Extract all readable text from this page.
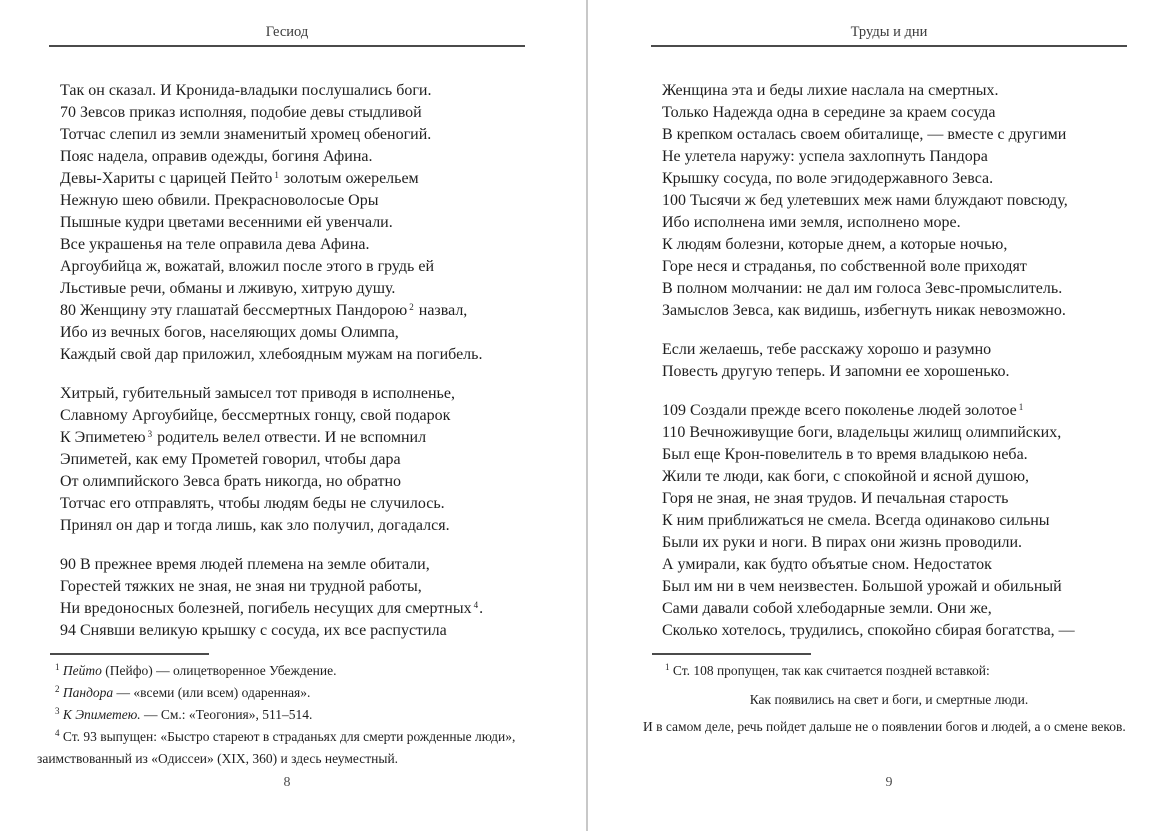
Гесиод
Так он сказал. И Кронида-владыки послушались боги.
70 Зевсов приказ исполняя, подобие девы стыдливой
Тотчас слепил из земли знаменитый хромец обеногий.
Пояс надела, оправив одежды, богиня Афина.
Девы-Хариты с царицей Пейто $^1$ золотым ожерельем
Нежную шею обвили. Прекрасноволосые Оры
Пышные кудри цветами весенними ей увенчали.
Все украшенья на теле оправила дева Афина.
Аргоубийца ж, вожатай, вложил после этого в грудь ей
Льстивые речи, обманы и лживую, хитрую душу.
80 Женщину эту глашатай бессмертных Пандорою $^2$ назвал,
Ибо из вечных богов, населяющих домы Олимпа,
Каждый свой дар приложил, хлебоядным мужам на погибель.
Хитрый, губительный замысел тот приводя в исполненье,
Славному Аргоубийце, бессмертных гонцу, свой подарок
К Эпиметею $^3$ родитель велел отвести. И не вспомнил
Эпиметей, как ему Прометей говорил, чтобы дара
От олимпийского Зевса брать никогда, но обратно
Тотчас его отправлять, чтобы людям беды не случилось.
Принял он дар и тогда лишь, как зло получил, догадался.
90 В прежнее время людей племена на земле обитали,
Горестей тяжких не зная, не зная ни трудной работы,
Ни вредоносных болезней, погибель несущих для смертных $^4$.
94 Снявши великую крышку с сосуда, их все распустила
$^1$ Пейто (Пейфо) — олицетворенное Убеждение.
$^2$ Пандора — «всеми (или всем) одаренная».
$^3$ К Эпиметею. — См.: «Теогония», 511–514.
$^4$ Ст. 93 выпущен: «Быстро стареют в страданьях для смерти рожденные люди», заимствованный из «Одиссеи» (XIX, 360) и здесь неуместный.
8
Труды и дни
Женщина эта и беды лихие наслала на смертных.
Только Надежда одна в середине за краем сосуда
В крепком осталась своем обиталище, — вместе с другими
Не улетела наружу: успела захлопнуть Пандора
Крышку сосуда, по воле эгидодержавного Зевса.
100 Тысячи ж бед улетевших меж нами блуждают повсюду,
Ибо исполнена ими земля, исполнено море.
К людям болезни, которые днем, а которые ночью,
Горе неся и страданья, по собственной воле приходят
В полном молчании: не дал им голоса Зевс-промыслитель.
Замыслов Зевса, как видишь, избегнуть никак невозможно.
Если желаешь, тебе расскажу хорошо и разумно
Повесть другую теперь. И запомни ее хорошенько.
109 Создали прежде всего поколенье людей золотое $^1$
110 Вечноживущие боги, владельцы жилищ олимпийских,
Был еще Крон-повелитель в то время владыкою неба.
Жили те люди, как боги, с спокойной и ясной душою,
Горя не зная, не зная трудов. И печальная старость
К ним приближаться не смела. Всегда одинаково сильны
Были их руки и ноги. В пирах они жизнь проводили.
А умирали, как будто объятые сном. Недостаток
Был им ни в чем неизвестен. Большой урожай и обильный
Сами давали собой хлебодарные земли. Они же,
Сколько хотелось, трудились, спокойно сбирая богатства, —
$^1$ Ст. 108 пропущен, так как считается поздней вставкой:
Как появились на свет и боги, и смертные люди.
И в самом деле, речь пойдет дальше не о появлении богов и людей, а о смене веков.
9
